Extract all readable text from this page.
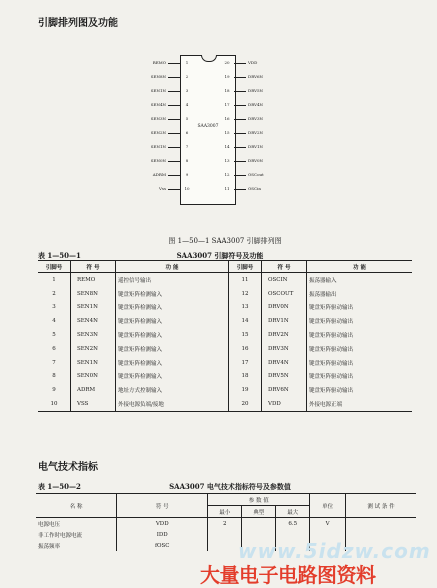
引脚排列图及功能
SAA3007
REMO	1
SEN8N	2
SEN1N	3
SEN4N	4
SEN3N	5
SEN2N	6
SEN1N	7
SEN0N	8
ADRM	9
Vss	10
20	VDD
19	DRV6N
18	DRV5N
17	DRV4N
16	DRV3N
15	DRV2N
14	DRV1N
13	DRV0N
12	OSCout
11	OSCin
图 1—50—1 SAA3007 引脚排列图
表 1—50—1	SAA3007 引脚符号及功能
引脚号	符 号	功 能	引脚号	符 号	功 能
1	REMO	遥控信号输出	11	OSCIN	振荡器输入
2	SEN8N	键盘矩阵检测输入	12	OSCOUT	振荡器输出
3	SEN1N	键盘矩阵检测输入	13	DRV0N	键盘矩阵驱动输出
4	SEN4N	键盘矩阵检测输入	14	DRV1N	键盘矩阵驱动输出
5	SEN3N	键盘矩阵检测输入	15	DRV2N	键盘矩阵驱动输出
6	SEN2N	键盘矩阵检测输入	16	DRV3N	键盘矩阵驱动输出
7	SEN1N	键盘矩阵检测输入	17	DRV4N	键盘矩阵驱动输出
8	SEN0N	键盘矩阵检测输入	18	DRV5N	键盘矩阵驱动输出
9	ADRM	地址方式控制输入	19	DRV6N	键盘矩阵驱动输出
10	VSS	外接电源负端/接地	20	VDD	外接电源正端
电气技术指标
表 1—50—2	SAA3007 电气技术指标符号及参数值
名 称	符 号	参 数 值			单位	测 试 条 件
		最小	典型	最大		
电源电压	VDD	2		6.5	V	
非工作时电源电流	IDD					
振荡频率	fOSC						www.5idzw.com
大量电子电路图资料
